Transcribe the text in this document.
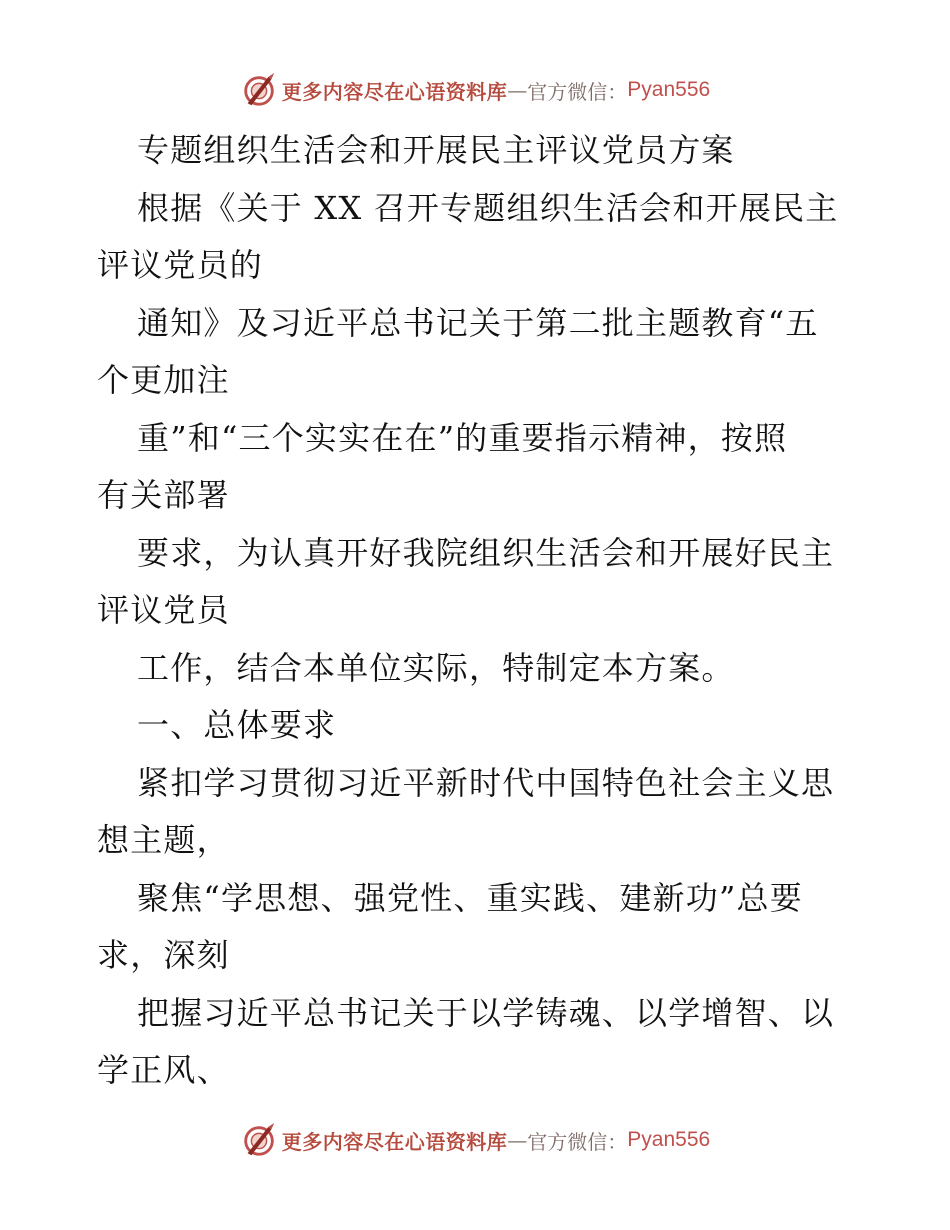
更多内容尽在心语资料库 — 官方微信： Pyan556
专题组织生活会和开展民主评议党员方案
根据《关于 XX 召开专题组织生活会和开展民主
评议党员的
通知》及习近平总书记关于第二批主题教育“五
个更加注
重”和“三个实实在在”的重要指示精神，按照
有关部署
要求，为认真开好我院组织生活会和开展好民主
评议党员
工作，结合本单位实际，特制定本方案。
一、总体要求
紧扣学习贯彻习近平新时代中国特色社会主义思
想主题，
聚焦“学思想、强党性、重实践、建新功”总要
求，深刻
把握习近平总书记关于以学铸魂、以学增智、以
学正风、
更多内容尽在心语资料库 — 官方微信： Pyan556
